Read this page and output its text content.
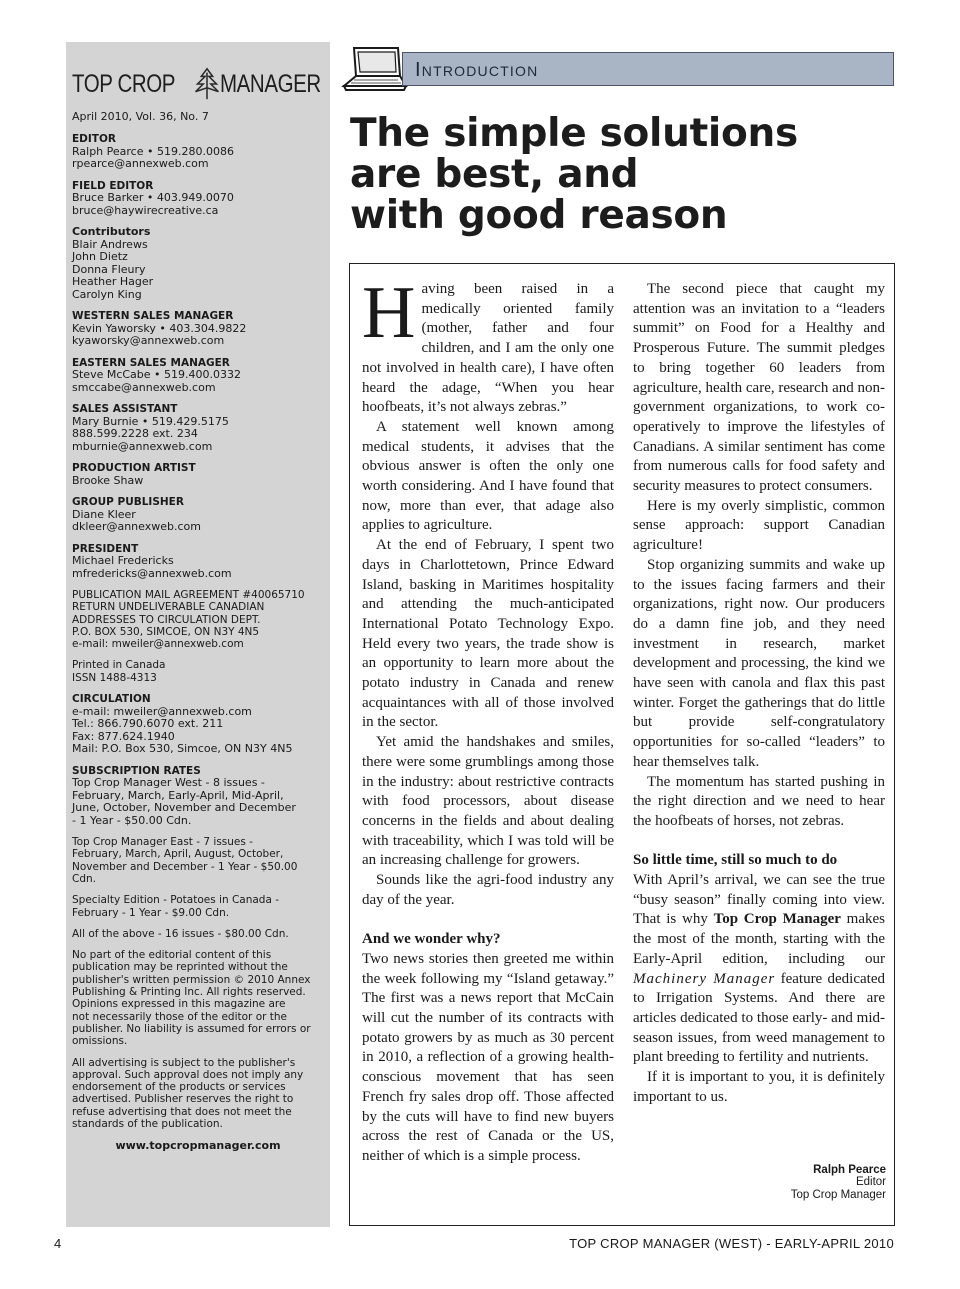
TOP CROP MANAGER
April 2010, Vol. 36, No. 7
EDITOR
Ralph Pearce • 519.280.0086
rpearce@annexweb.com
FIELD EDITOR
Bruce Barker • 403.949.0070
bruce@haywirecreative.ca
Contributors
Blair Andrews
John Dietz
Donna Fleury
Heather Hager
Carolyn King
WESTERN SALES MANAGER
Kevin Yaworsky • 403.304.9822
kyaworsky@annexweb.com
EASTERN SALES MANAGER
Steve McCabe • 519.400.0332
smccabe@annexweb.com
SALES ASSISTANT
Mary Burnie • 519.429.5175
888.599.2228 ext. 234
mburnie@annexweb.com
PRODUCTION ARTIST
Brooke Shaw
GROUP PUBLISHER
Diane Kleer
dkleer@annexweb.com
PRESIDENT
Michael Fredericks
mfredericks@annexweb.com
PUBLICATION MAIL AGREEMENT #40065710
RETURN UNDELIVERABLE CANADIAN
ADDRESSES TO CIRCULATION DEPT.
P.O. BOX 530, SIMCOE, ON N3Y 4N5
e-mail: mweiler@annexweb.com
Printed in Canada
ISSN 1488-4313
CIRCULATION
e-mail: mweiler@annexweb.com
Tel.: 866.790.6070 ext. 211
Fax: 877.624.1940
Mail: P.O. Box 530, Simcoe, ON N3Y 4N5
SUBSCRIPTION RATES
Top Crop Manager West - 8 issues -
February, March, Early-April, Mid-April,
June, October, November and December
- 1 Year - $50.00 Cdn.
Top Crop Manager East - 7 issues -
February, March, April, August, October,
November and December - 1 Year - $50.00
Cdn.
Specialty Edition - Potatoes in Canada -
February - 1 Year - $9.00 Cdn.
All of the above - 16 issues - $80.00 Cdn.
No part of the editorial content of this
publication may be reprinted without the
publisher's written permission © 2010 Annex
Publishing & Printing Inc. All rights reserved.
Opinions expressed in this magazine are
not necessarily those of the editor or the
publisher. No liability is assumed for errors or
omissions.
All advertising is subject to the publisher's
approval. Such approval does not imply any
endorsement of the products or services
advertised. Publisher reserves the right to
refuse advertising that does not meet the
standards of the publication.
www.topcropmanager.com
Introduction
The simple solutions
are best, and
with good reason

Having been raised in a medically oriented family (mother, father and four children, and I am the only one not involved in health care), I have often heard the adage, “When you hear hoofbeats, it’s not always zebras.”

A statement well known among medical students, it advises that the obvious answer is often the only one worth considering. And I have found that now, more than ever, that adage also applies to agriculture.

At the end of February, I spent two days in Charlottetown, Prince Edward Island, basking in Maritimes hospitality and attending the much-anticipated International Potato Technology Expo. Held every two years, the trade show is an opportunity to learn more about the potato industry in Canada and renew acquaintances with all of those involved in the sector.

Yet amid the handshakes and smiles, there were some grumblings among those in the industry: about restrictive contracts with food processors, about disease concerns in the fields and about dealing with traceability, which I was told will be an increasing challenge for growers.

Sounds like the agri-food industry any day of the year.

And we wonder why?

Two news stories then greeted me within the week following my “Island getaway.” The first was a news report that McCain will cut the number of its contracts with potato growers by as much as 30 percent in 2010, a reflection of a growing health-conscious movement that has seen French fry sales drop off. Those affected by the cuts will have to find new buyers across the rest of Canada or the US, neither of which is a simple process.

The second piece that caught my attention was an invitation to a “leaders summit” on Food for a Healthy and Prosperous Future. The summit pledges to bring together 60 leaders from agriculture, health care, research and non-government organizations, to work co-operatively to improve the lifestyles of Canadians. A similar sentiment has come from numerous calls for food safety and security measures to protect consumers.

Here is my overly simplistic, common sense approach: support Canadian agriculture!

Stop organizing summits and wake up to the issues facing farmers and their organizations, right now. Our producers do a damn fine job, and they need investment in research, market development and processing, the kind we have seen with canola and flax this past winter. Forget the gatherings that do little but provide self-congratulatory opportunities for so-called “leaders” to hear themselves talk.

The momentum has started pushing in the right direction and we need to hear the hoofbeats of horses, not zebras.

So little time, still so much to do

With April’s arrival, we can see the true “busy season” finally coming into view. That is why Top Crop Manager makes the most of the month, starting with the Early-April edition, including our Machinery Manager feature dedicated to Irrigation Systems. And there are articles dedicated to those early- and mid-season issues, from weed management to plant breeding to fertility and nutrients.

If it is important to you, it is definitely important to us.

Ralph Pearce
Editor
Top Crop Manager
4	TOP CROP MANAGER (WEST) - EARLY-APRIL 2010
